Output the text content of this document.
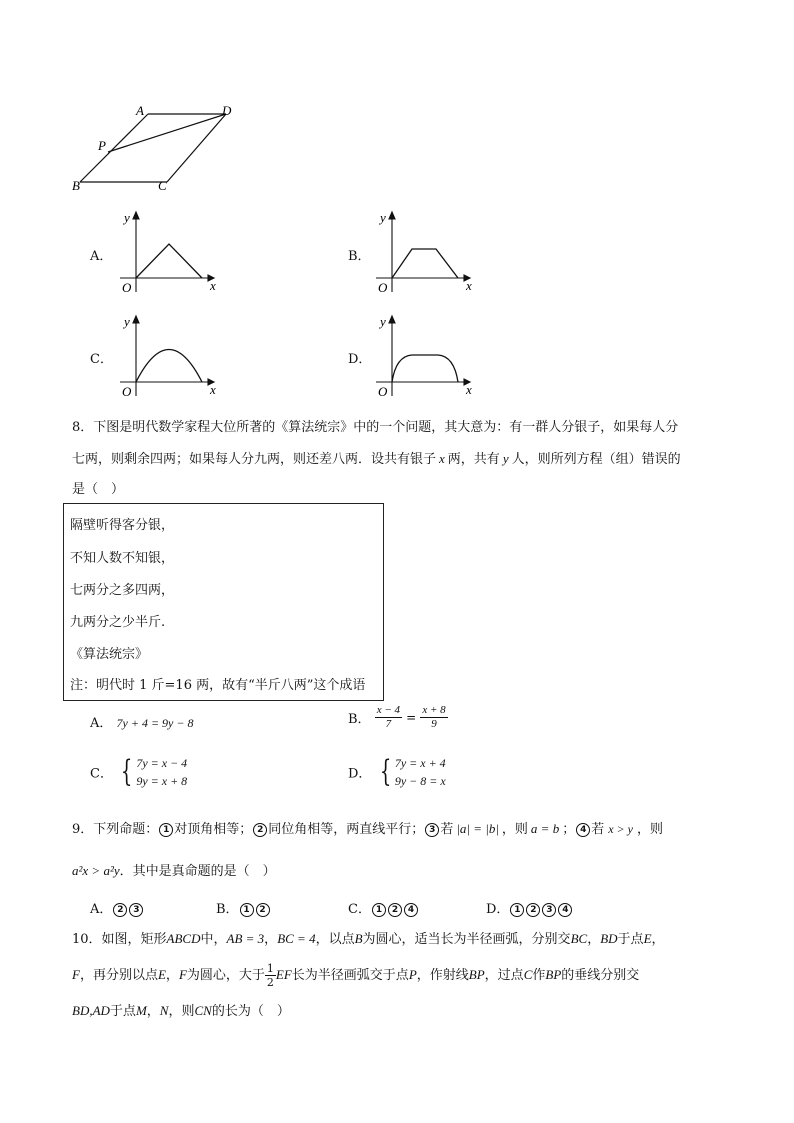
A	D
P
B	C
A．
y
x
O
B．
y
x
O
C．
y
x
O
D．
y
x
O
8．下图是明代数学家程大位所著的《算法统宗》中的一个问题，其大意为：有一群人分银子，如果每人分
七两，则剩余四两；如果每人分九两，则还差八两．设共有银子 x 两，共有 y 人，则所列方程（组）错误的
是（　）
隔壁听得客分银，
不知人数不知银，
七两分之多四两，
九两分之少半斤.
《算法统宗》
注：明代时 1 斤=16 两，故有“半斤八两”这个成语
A． 7y + 4 = 9y − 8	B． $\frac{x - 4}{7} = \frac{x + 8}{9}$
C． { 7y = x − 4
9y = x + 8	D． { 7y = x + 4
9y − 8 = x
9．下列命题： 1 对顶角相等； 2 同位角相等，两直线平行； 3 若 |a| = |b| ，则 a = b ； 4 若 x > y ，则
a²x > a²y．其中是真命题的是（　）
A． 2 3	B． 1 2	C． 1 2 4	D． 1 2 3 4
10．如图，矩形ABCD中，AB = 3，BC = 4，以点B为圆心，适当长为半径画弧，分别交BC，BD于点E，
F，再分别以点E，F为圆心，大于 $\frac{1}{2}$ EF长为半径画弧交于点P，作射线BP，过点C作BP的垂线分别交
BD,AD于点M，N，则CN的长为（　）
